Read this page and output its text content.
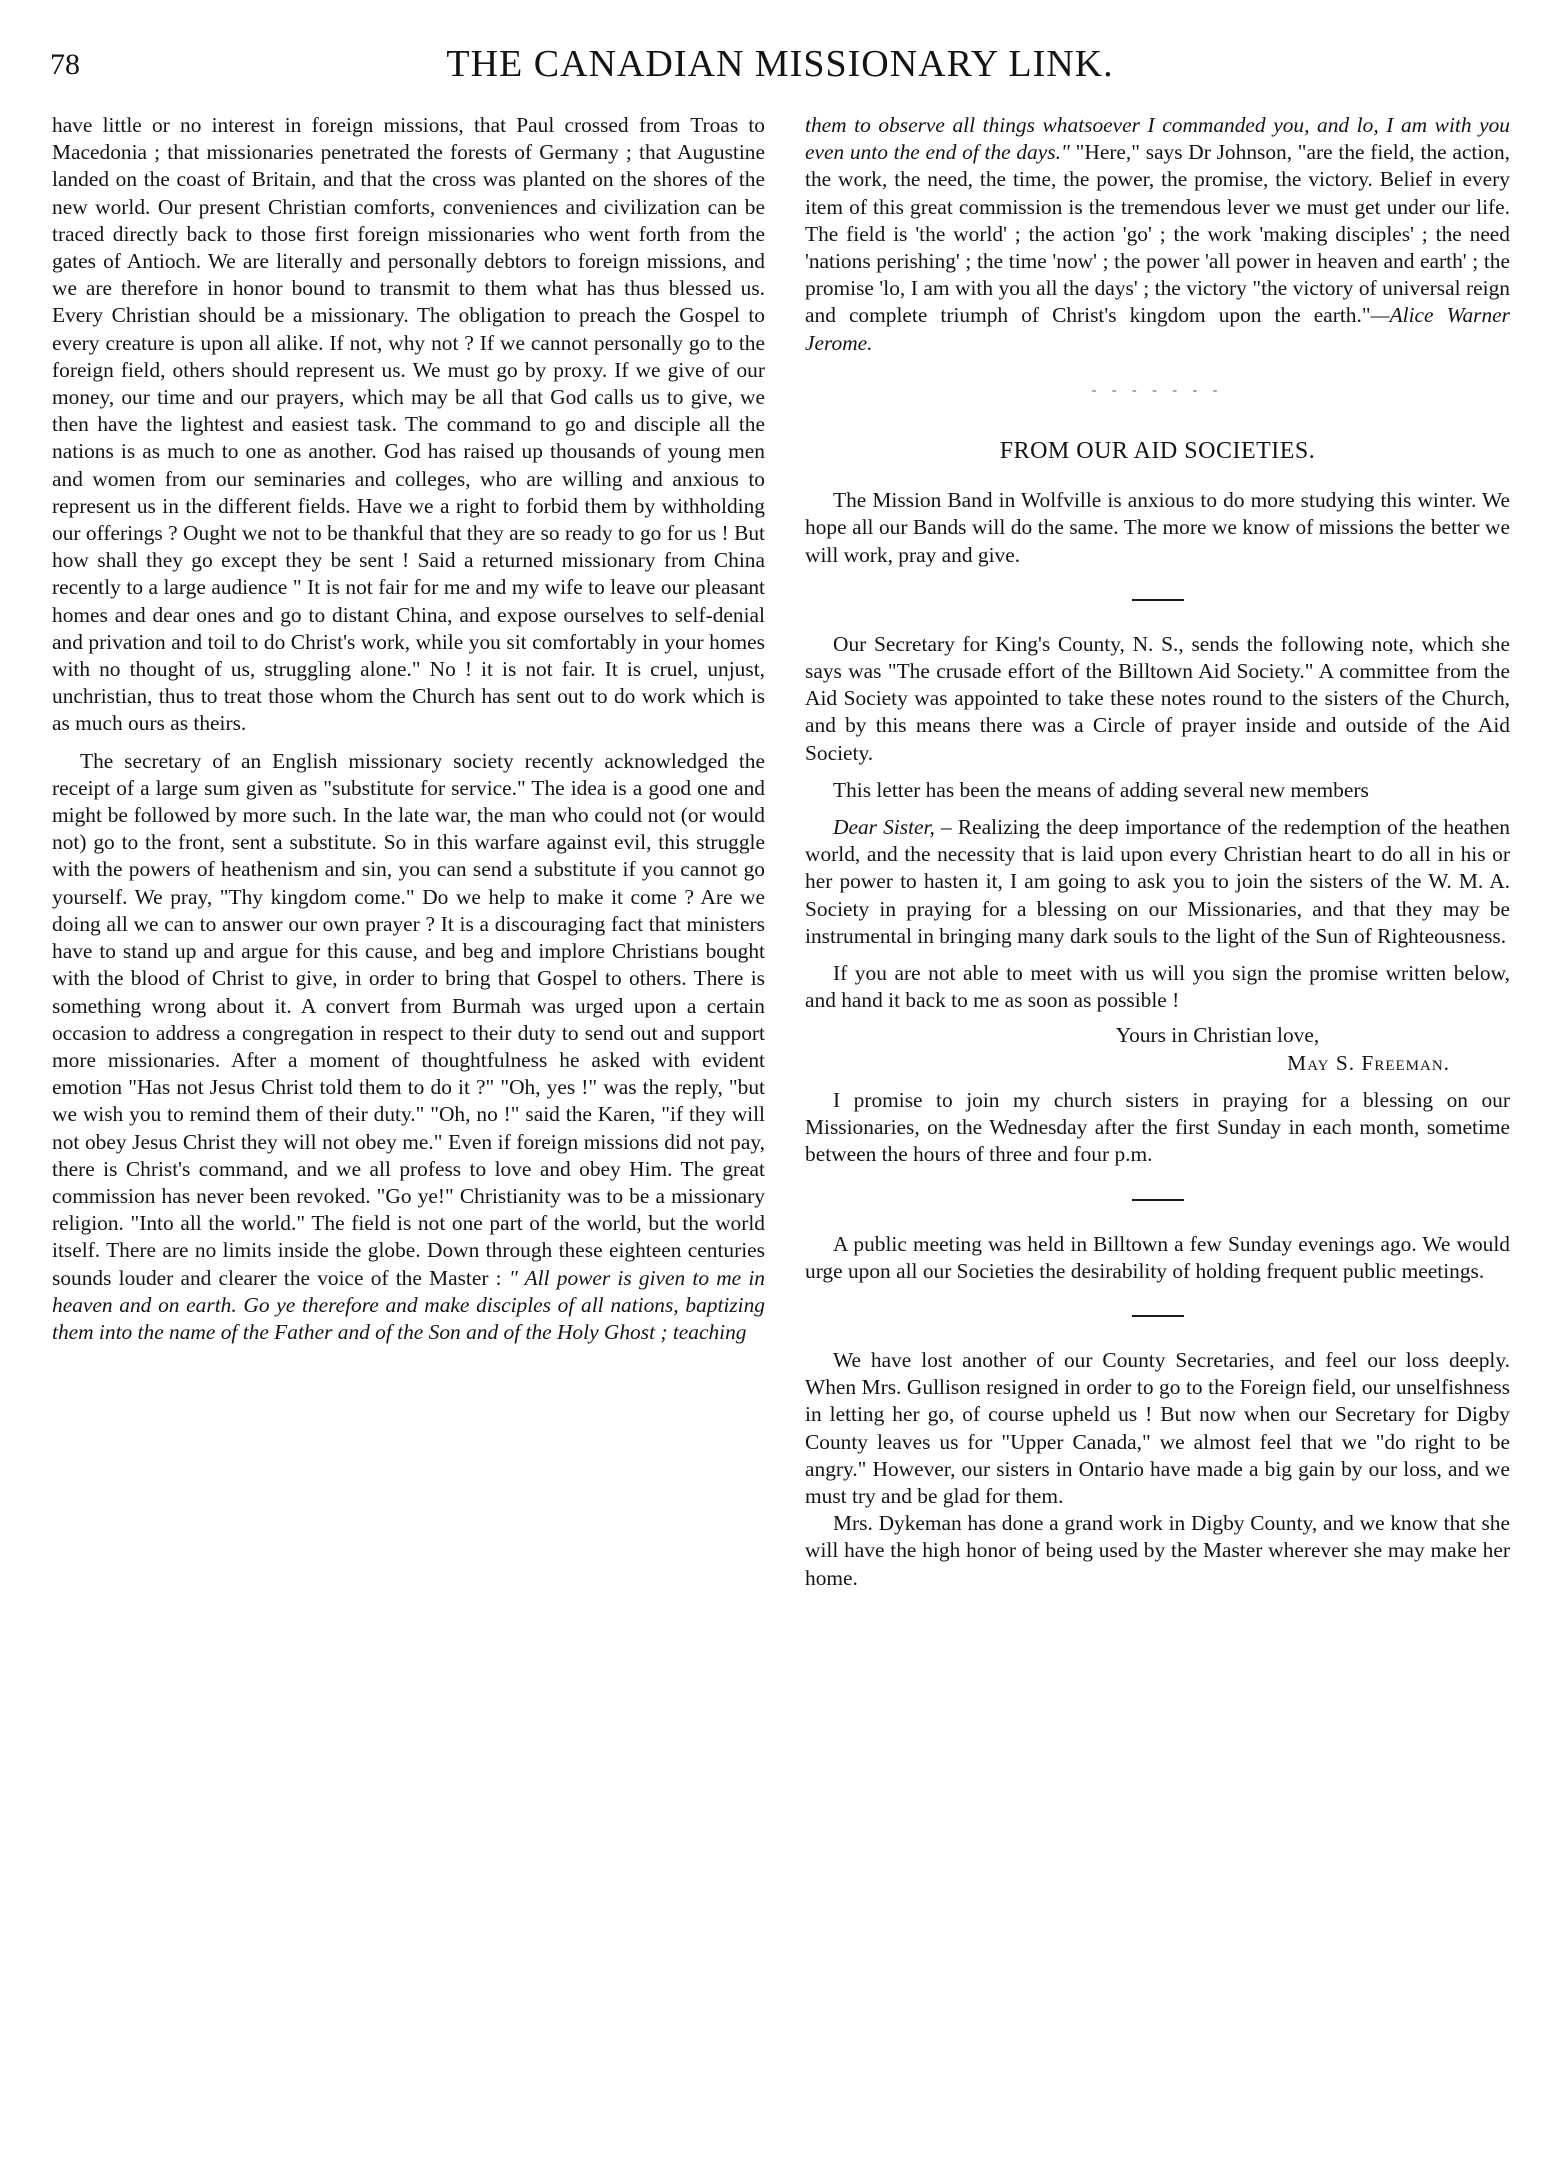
78	THE CANADIAN MISSIONARY LINK.

have little or no interest in foreign missions, that Paul crossed from Troas to Macedonia ; that missionaries penetrated the forests of Germany ; that Augustine landed on the coast of Britain, and that the cross was planted on the shores of the new world. Our present Christian comforts, conveniences and civilization can be traced directly back to those first foreign missionaries who went forth from the gates of Antioch. We are literally and personally debtors to foreign missions, and we are therefore in honor bound to transmit to them what has thus blessed us. Every Christian should be a missionary. The obligation to preach the Gospel to every creature is upon all alike. If not, why not ? If we cannot personally go to the foreign field, others should represent us. We must go by proxy. If we give of our money, our time and our prayers, which may be all that God calls us to give, we then have the lightest and easiest task. The command to go and disciple all the nations is as much to one as another. God has raised up thousands of young men and women from our seminaries and colleges, who are willing and anxious to represent us in the different fields. Have we a right to forbid them by withholding our offerings ? Ought we not to be thankful that they are so ready to go for us ! But how shall they go except they be sent ! Said a returned missionary from China recently to a large audience " It is not fair for me and my wife to leave our pleasant homes and dear ones and go to distant China, and expose ourselves to self-denial and privation and toil to do Christ's work, while you sit comfortably in your homes with no thought of us, struggling alone." No ! it is not fair. It is cruel, unjust, unchristian, thus to treat those whom the Church has sent out to do work which is as much ours as theirs.

The secretary of an English missionary society recently acknowledged the receipt of a large sum given as "substitute for service." The idea is a good one and might be followed by more such. In the late war, the man who could not (or would not) go to the front, sent a substitute. So in this warfare against evil, this struggle with the powers of heathenism and sin, you can send a substitute if you cannot go yourself. We pray, "Thy kingdom come." Do we help to make it come ? Are we doing all we can to answer our own prayer ? It is a discouraging fact that ministers have to stand up and argue for this cause, and beg and implore Christians bought with the blood of Christ to give, in order to bring that Gospel to others. There is something wrong about it. A convert from Burmah was urged upon a certain occasion to address a congregation in respect to their duty to send out and support more missionaries. After a moment of thoughtfulness he asked with evident emotion "Has not Jesus Christ told them to do it ?" "Oh, yes !" was the reply, "but we wish you to remind them of their duty." "Oh, no !" said the Karen, "if they will not obey Jesus Christ they will not obey me." Even if foreign missions did not pay, there is Christ's command, and we all profess to love and obey Him. The great commission has never been revoked. "Go ye!" Christianity was to be a missionary religion. "Into all the world." The field is not one part of the world, but the world itself. There are no limits inside the globe. Down through these eighteen centuries sounds louder and clearer the voice of the Master : " All power is given to me in heaven and on earth. Go ye therefore and make disciples of all nations, baptizing them into the name of the Father and of the Son and of the Holy Ghost ; teaching

them to observe all things whatsoever I commanded you, and lo, I am with you even unto the end of the days." "Here," says Dr Johnson, "are the field, the action, the work, the need, the time, the power, the promise, the victory. Belief in every item of this great commission is the tremendous lever we must get under our life. The field is 'the world' ; the action 'go' ; the work 'making disciples' ; the need 'nations perishing' ; the time 'now' ; the power 'all power in heaven and earth' ; the promise 'lo, I am with you all the days' ; the victory "the victory of universal reign and complete triumph of Christ's kingdom upon the earth."—Alice Warner Jerome.

- - - - - - -
FROM OUR AID SOCIETIES.

The Mission Band in Wolfville is anxious to do more studying this winter. We hope all our Bands will do the same. The more we know of missions the better we will work, pray and give.

Our Secretary for King's County, N. S., sends the following note, which she says was "The crusade effort of the Billtown Aid Society." A committee from the Aid Society was appointed to take these notes round to the sisters of the Church, and by this means there was a Circle of prayer inside and outside of the Aid Society.

This letter has been the means of adding several new members

Dear Sister, – Realizing the deep importance of the redemption of the heathen world, and the necessity that is laid upon every Christian heart to do all in his or her power to hasten it, I am going to ask you to join the sisters of the W. M. A. Society in praying for a blessing on our Missionaries, and that they may be instrumental in bringing many dark souls to the light of the Sun of Righteousness.

If you are not able to meet with us will you sign the promise written below, and hand it back to me as soon as possible !

Yours in Christian love,
May S. Freeman.

I promise to join my church sisters in praying for a blessing on our Missionaries, on the Wednesday after the first Sunday in each month, sometime between the hours of three and four p.m.

A public meeting was held in Billtown a few Sunday evenings ago. We would urge upon all our Societies the desirability of holding frequent public meetings.

We have lost another of our County Secretaries, and feel our loss deeply. When Mrs. Gullison resigned in order to go to the Foreign field, our unselfishness in letting her go, of course upheld us ! But now when our Secretary for Digby County leaves us for "Upper Canada," we almost feel that we "do right to be angry." However, our sisters in Ontario have made a big gain by our loss, and we must try and be glad for them.

Mrs. Dykeman has done a grand work in Digby County, and we know that she will have the high honor of being used by the Master wherever she may make her home.
